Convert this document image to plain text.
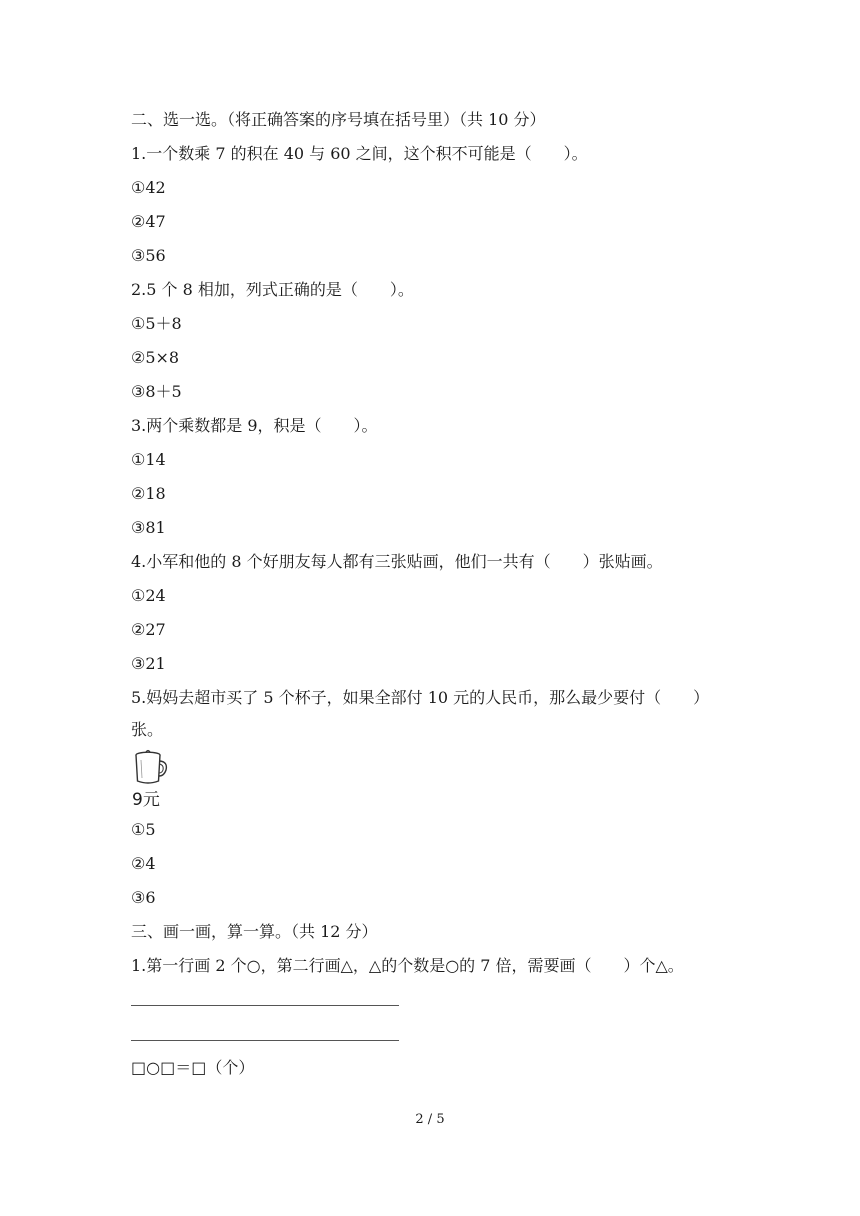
二、选一选。（将正确答案的序号填在括号里）（共 10 分）
1.一个数乘 7 的积在 40 与 60 之间，这个积不可能是（　　）。
①42
②47
③56
2.5 个 8 相加，列式正确的是（　　）。
①5＋8
②5×8
③8＋5
3.两个乘数都是 9，积是（　　）。
①14
②18
③81
4.小军和他的 8 个好朋友每人都有三张贴画，他们一共有（　　）张贴画。
①24
②27
③21
5.妈妈去超市买了 5 个杯子，如果全部付 10 元的人民币，那么最少要付（　　）
张。
9元
①5
②4
③6
三、画一画，算一算。（共 12 分）
1.第一行画 2 个○，第二行画△，△的个数是○的 7 倍，需要画（　　）个△。
□○□＝□（个）
2 / 5
